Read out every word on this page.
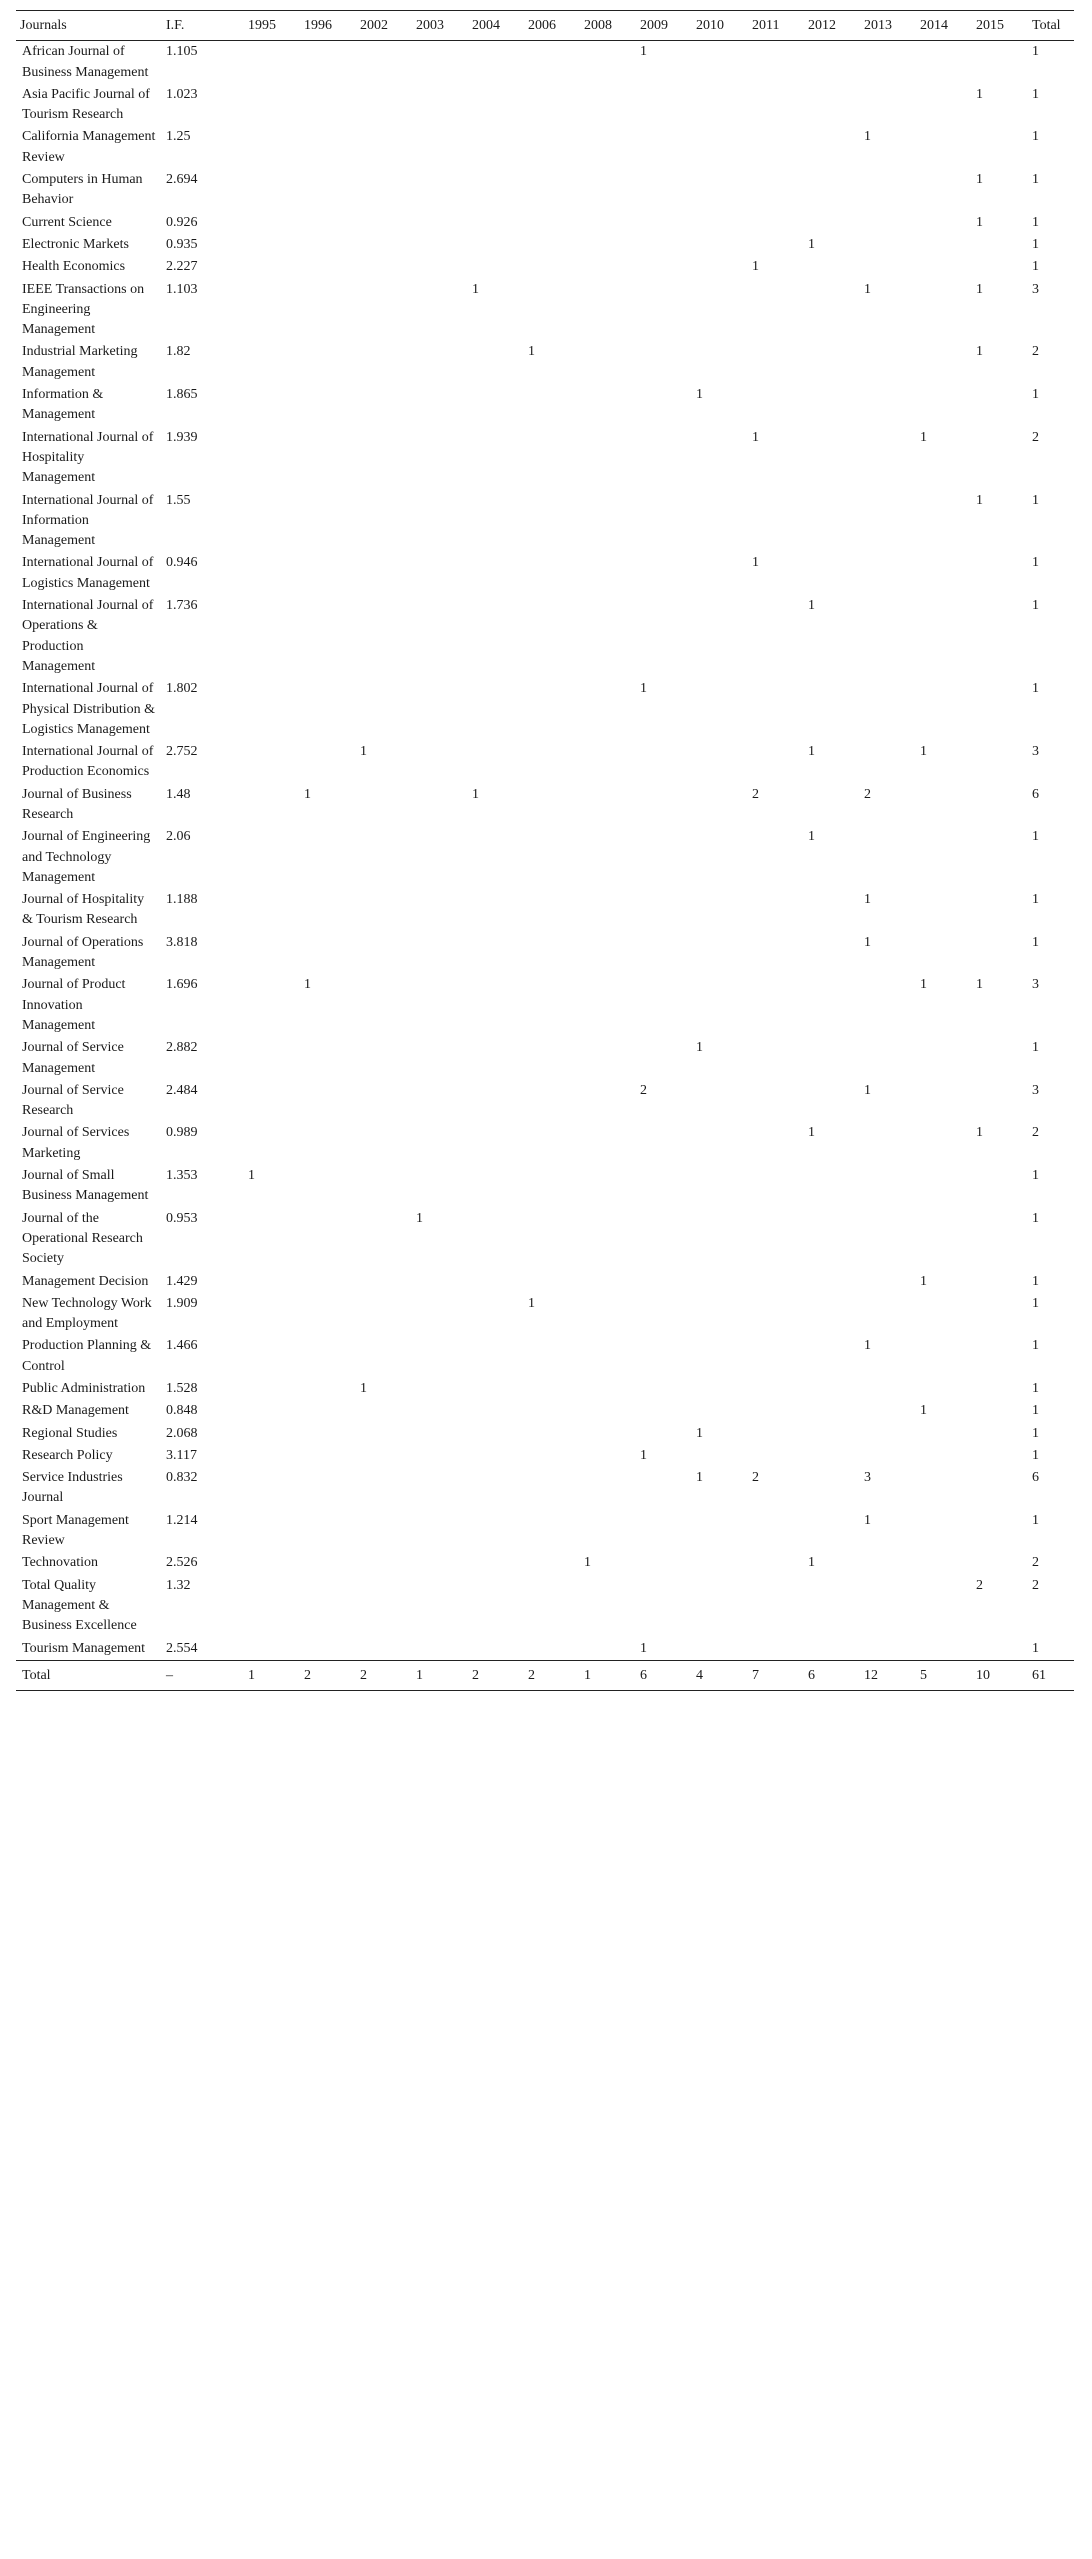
Journals	I.F.	1995	1996	2002	2003	2004	2006	2008	2009	2010	2011	2012	2013	2014	2015	Total
African Journal of Business Management	1.105								1							1
Asia Pacific Journal of Tourism Research	1.023														1	1
California Management Review	1.25												1			1
Computers in Human Behavior	2.694														1	1
Current Science	0.926														1	1
Electronic Markets	0.935											1				1
Health Economics	2.227										1					1
IEEE Transactions on Engineering Management	1.103					1							1		1	3
Industrial Marketing Management	1.82						1								1	2
Information & Management	1.865									1						1
International Journal of Hospitality Management	1.939										1			1		2
International Journal of Information Management	1.55														1	1
International Journal of Logistics Management	0.946										1					1
International Journal of Operations & Production Management	1.736											1				1
International Journal of Physical Distribution & Logistics Management	1.802								1							1
International Journal of Production Economics	2.752			1								1		1		3
Journal of Business Research	1.48		1			1					2		2			6
Journal of Engineering and Technology Management	2.06											1				1
Journal of Hospitality & Tourism Research	1.188												1			1
Journal of Operations Management	3.818												1			1
Journal of Product Innovation Management	1.696		1											1	1	3
Journal of Service Management	2.882									1						1
Journal of Service Research	2.484								2				1			3
Journal of Services Marketing	0.989											1			1	2
Journal of Small Business Management	1.353	1														1
Journal of the Operational Research Society	0.953				1											1
Management Decision	1.429													1		1
New Technology Work and Employment	1.909						1									1
Production Planning & Control	1.466												1			1
Public Administration	1.528			1												1
R&D Management	0.848													1		1
Regional Studies	2.068									1						1
Research Policy	3.117								1							1
Service Industries Journal	0.832									1	2		3			6
Sport Management Review	1.214												1			1
Technovation	2.526							1				1				2
Total Quality Management & Business Excellence	1.32														2	2
Tourism Management	2.554								1							1
Total	–	1	2	2	1	2	2	1	6	4	7	6	12	5	10	61
